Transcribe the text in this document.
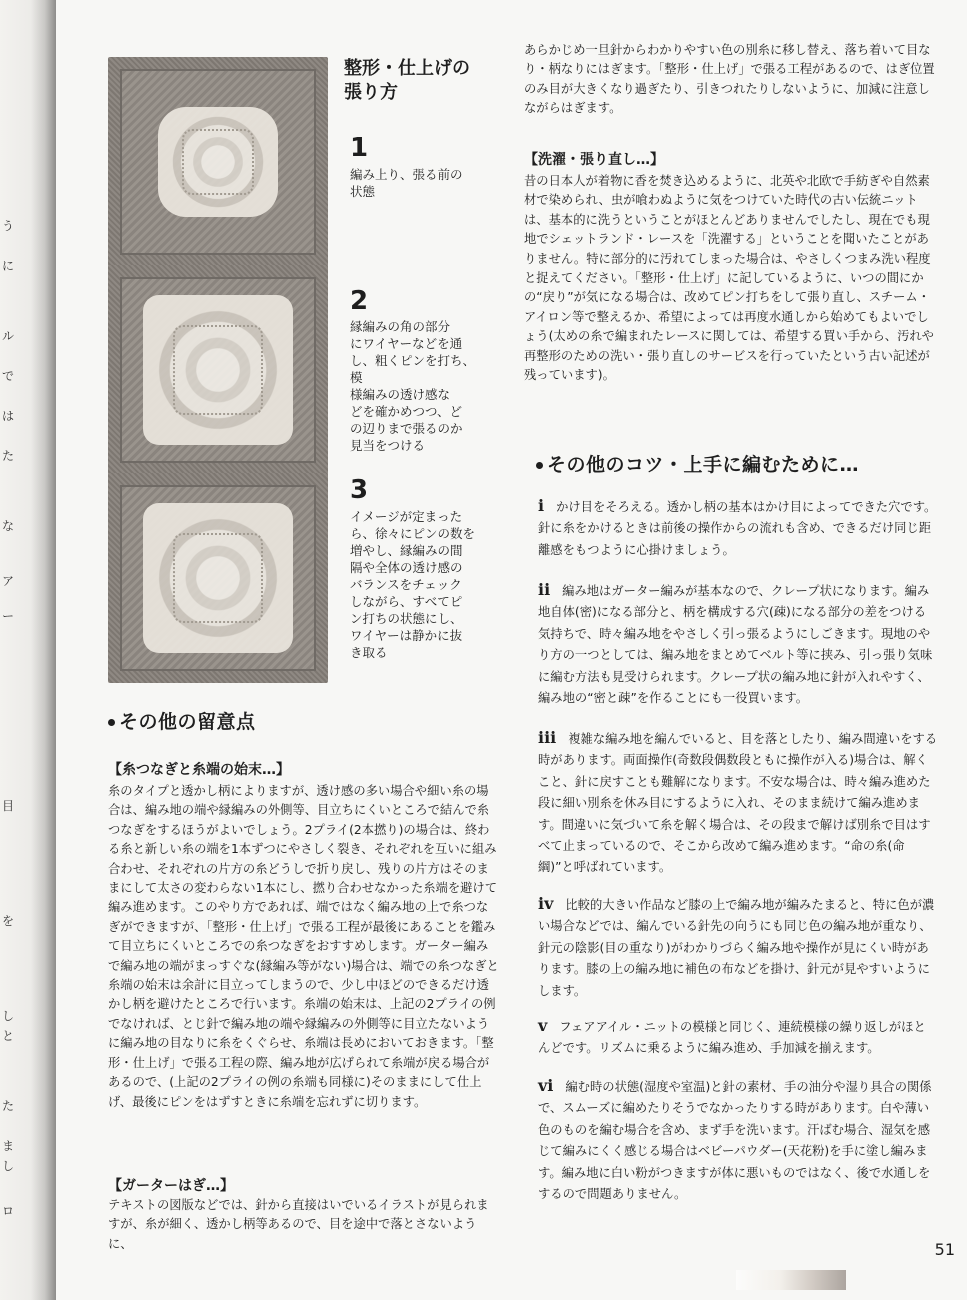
う
に
ル
で
は
た
な
ア
ー
目
を
し
と
た
ま
し
ロ
整形・仕上げの
張り方
1
編み上り、張る前の
状態
2
縁編みの角の部分
にワイヤーなどを通
し、粗くピンを打ち、模
様編みの透け感な
どを確かめつつ、ど
の辺りまで張るのか
見当をつける
3
イメージが定まった
ら、徐々にピンの数を
増やし、縁編みの間
隔や全体の透け感の
バランスをチェック
しながら、すべてピ
ン打ちの状態にし、
ワイヤーは静かに抜
き取る

あらかじめ一旦針からわかりやすい色の別糸に移し替え、落ち着いて目なり・柄なりにはぎます。「整形・仕上げ」で張る工程があるので、はぎ位置のみ目が大きくなり過ぎたり、引きつれたりしないように、加減に注意しながらはぎます。

【洗濯・張り直し…】

昔の日本人が着物に香を焚き込めるように、北英や北欧で手紡ぎや自然素材で染められ、虫が喰わぬように気をつけていた時代の古い伝統ニットは、基本的に洗うということがほとんどありませんでしたし、現在でも現地でシェットランド・レースを「洗濯する」ということを聞いたことがありません。特に部分的に汚れてしまった場合は、やさしくつまみ洗い程度と捉えてください。「整形・仕上げ」に記しているように、いつの間にかの“戻り”が気になる場合は、改めてピン打ちをして張り直し、スチーム・アイロン等で整えるか、希望によっては再度水通しから始めてもよいでしょう(太めの糸で編まれたレースに関しては、希望する買い手から、汚れや再整形のための洗い・張り直しのサービスを行っていたという古い記述が残っています)。

その他のコツ・上手に編むために…
i かけ目をそろえる。透かし柄の基本はかけ目によってできた穴です。針に糸をかけるときは前後の操作からの流れも含め、できるだけ同じ距離感をもつように心掛けましょう。
ii 編み地はガーター編みが基本なので、クレープ状になります。編み地自体(密)になる部分と、柄を構成する穴(疎)になる部分の差をつける気持ちで、時々編み地をやさしく引っ張るようにしごきます。現地のやり方の一つとしては、編み地をまとめてベルト等に挟み、引っ張り気味に編む方法も見受けられます。クレープ状の編み地に針が入れやすく、編み地の“密と疎”を作ることにも一役買います。
iii 複雑な編み地を編んでいると、目を落としたり、編み間違いをする時があります。両面操作(奇数段偶数段ともに操作が入る)場合は、解くこと、針に戻すことも難解になります。不安な場合は、時々編み進めた段に細い別糸を休み目にするように入れ、そのまま続けて編み進めます。間違いに気づいて糸を解く場合は、その段まで解けば別糸で目はすべて止まっているので、そこから改めて編み進めます。“命の糸(命綱)”と呼ばれています。
iv 比較的大きい作品など膝の上で編み地が編みたまると、特に色が濃い場合などでは、編んでいる針先の向うにも同じ色の編み地が重なり、針元の陰影(目の重なり)がわかりづらく編み地や操作が見にくい時があります。膝の上の編み地に補色の布などを掛け、針元が見やすいようにします。
v フェアアイル・ニットの模様と同じく、連続模様の繰り返しがほとんどです。リズムに乗るように編み進め、手加減を揃えます。
vi 編む時の状態(湿度や室温)と針の素材、手の油分や湿り具合の関係で、スムーズに編めたりそうでなかったりする時があります。白や薄い色のものを編む場合を含め、まず手を洗います。汗ばむ場合、湿気を感じて編みにくく感じる場合はベビーパウダー(天花粉)を手に塗し編みます。編み地に白い粉がつきますが体に悪いものではなく、後で水通しをするので問題ありません。
その他の留意点
【糸つなぎと糸端の始末…】

糸のタイプと透かし柄によりますが、透け感の多い場合や細い糸の場合は、編み地の端や縁編みの外側等、目立ちにくいところで結んで糸つなぎをするほうがよいでしょう。2プライ(2本撚り)の場合は、終わる糸と新しい糸の端を1本ずつにやさしく裂き、それぞれを互いに組み合わせ、それぞれの片方の糸どうしで折り戻し、残りの片方はそのままにして太さの変わらない1本にし、撚り合わせなかった糸端を避けて編み進めます。このやり方であれば、端ではなく編み地の上で糸つなぎができますが、「整形・仕上げ」で張る工程が最後にあることを鑑みて目立ちにくいところでの糸つなぎをおすすめします。ガーター編みで編み地の端がまっすぐな(縁編み等がない)場合は、端での糸つなぎと糸端の始末は余計に目立ってしまうので、少し中ほどのできるだけ透かし柄を避けたところで行います。糸端の始末は、上記の2プライの例でなければ、とじ針で編み地の端や縁編みの外側等に目立たないように編み地の目なりに糸をくぐらせ、糸端は長めにおいておきます。「整形・仕上げ」で張る工程の際、編み地が広げられて糸端が戻る場合があるので、(上記の2プライの例の糸端も同様に)そのままにして仕上げ、最後にピンをはずすときに糸端を忘れずに切ります。

【ガーターはぎ…】

テキストの図版などでは、針から直接はいでいるイラストが見られますが、糸が細く、透かし柄等あるので、目を途中で落とさないように、	51
